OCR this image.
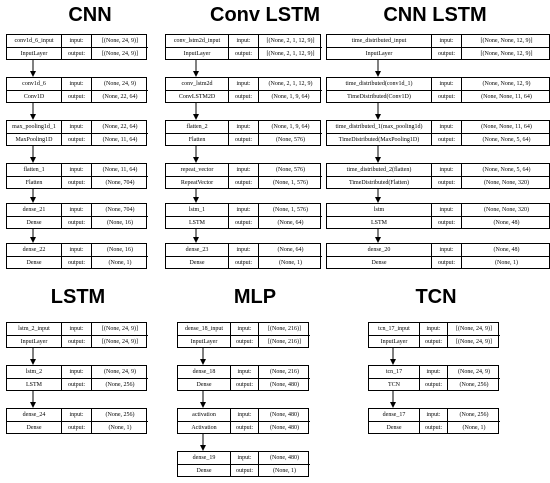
CNN
conv1d_6_input	input:	[(None, 24, 9)]
InputLayer	output:	[(None, 24, 9)]
conv1d_6	input:	(None, 24, 9)
Conv1D	output:	(None, 22, 64)
max_pooling1d_1	input:	(None, 22, 64)
MaxPooling1D	output:	(None, 11, 64)
flatten_1	input:	(None, 11, 64)
Flatten	output:	(None, 704)
dense_21	input:	(None, 704)
Dense	output:	(None, 16)
dense_22	input:	(None, 16)
Dense	output:	(None, 1)
Conv LSTM
conv_lstm2d_input	input:	[(None, 2, 1, 12, 9)]
InputLayer	output:	[(None, 2, 1, 12, 9)]
conv_lstm2d	input:	(None, 2, 1, 12, 9)
ConvLSTM2D	output:	(None, 1, 9, 64)
flatten_2	input:	(None, 1, 9, 64)
Flatten	output:	(None, 576)
repeat_vector	input:	(None, 576)
RepeatVector	output:	(None, 1, 576)
lstm_1	input:	(None, 1, 576)
LSTM	output:	(None, 64)
dense_23	input:	(None, 64)
Dense	output:	(None, 1)
CNN LSTM
time_distributed_input	input:	[(None, None, 12, 9)]
InputLayer	output:	[(None, None, 12, 9)]
time_distributed(conv1d_1)	input:	(None, None, 12, 9)
TimeDistributed(Conv1D)	output:	(None, None, 11, 64)
time_distributed_1(max_pooling1d)	input:	(None, None, 11, 64)
TimeDistributed(MaxPooling1D)	output:	(None, None, 5, 64)
time_distributed_2(flatten)	input:	(None, None, 5, 64)
TimeDistributed(Flatten)	output:	(None, None, 320)
lstm	input:	(None, None, 320)
LSTM	output:	(None, 48)
dense_20	input:	(None, 48)
Dense	output:	(None, 1)
LSTM
lstm_2_input	input:	[(None, 24, 9)]
InputLayer	output:	[(None, 24, 9)]
lstm_2	input:	(None, 24, 9)
LSTM	output:	(None, 256)
dense_24	input:	(None, 256)
Dense	output:	(None, 1)
MLP
dense_18_input	input:	[(None, 216)]
InputLayer	output:	[(None, 216)]
dense_18	input:	(None, 216)
Dense	output:	(None, 480)
activation	input:	(None, 480)
Activation	output:	(None, 480)
dense_19	input:	(None, 480)
Dense	output:	(None, 1)
TCN
tcn_17_input	input:	[(None, 24, 9)]
InputLayer	output:	[(None, 24, 9)]
tcn_17	input:	(None, 24, 9)
TCN	output:	(None, 256)
dense_17	input:	(None, 256)
Dense	output:	(None, 1)
